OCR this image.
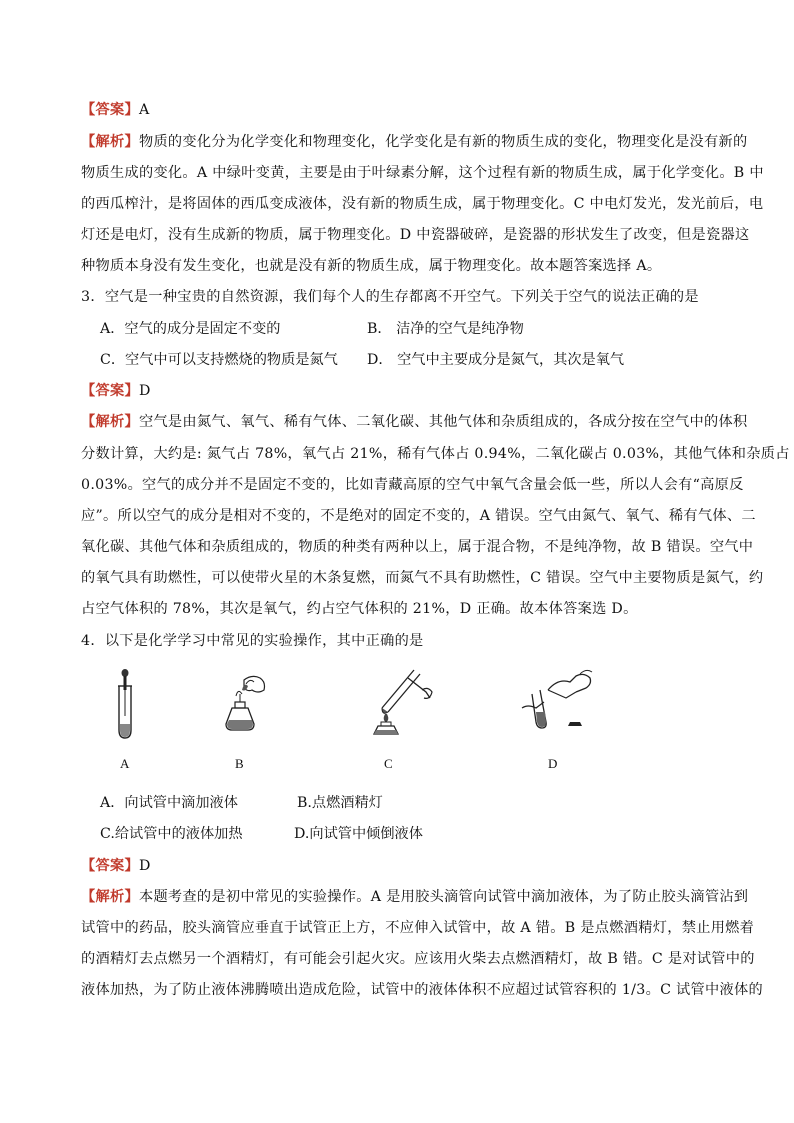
【答案】A
【解析】物质的变化分为化学变化和物理变化，化学变化是有新的物质生成的变化，物理变化是没有新的
物质生成的变化。A 中绿叶变黄，主要是由于叶绿素分解，这个过程有新的物质生成，属于化学变化。B 中
的西瓜榨汁，是将固体的西瓜变成液体，没有新的物质生成，属于物理变化。C 中电灯发光，发光前后，电
灯还是电灯，没有生成新的物质，属于物理变化。D 中瓷器破碎，是瓷器的形状发生了改变，但是瓷器这
种物质本身没有发生变化，也就是没有新的物质生成，属于物理变化。故本题答案选择 A。
3．空气是一种宝贵的自然资源，我们每个人的生存都离不开空气。下列关于空气的说法正确的是
A．空气的成分是固定不变的	B． 洁净的空气是纯净物
C．空气中可以支持燃烧的物质是氮气 D． 空气中主要成分是氮气，其次是氧气
【答案】D
【解析】空气是由氮气、氧气、稀有气体、二氧化碳、其他气体和杂质组成的，各成分按在空气中的体积
分数计算，大约是: 氮气占 78%，氧气占 21%，稀有气体占 0.94%，二氧化碳占 0.03%，其他气体和杂质占
0.03%。空气的成分并不是固定不变的，比如青藏高原的空气中氧气含量会低一些，所以人会有“高原反
应”。所以空气的成分是相对不变的，不是绝对的固定不变的，A 错误。空气由氮气、氧气、稀有气体、二
氧化碳、其他气体和杂质组成的，物质的种类有两种以上，属于混合物，不是纯净物，故 B 错误。空气中
的氧气具有助燃性，可以使带火星的木条复燃，而氮气不具有助燃性，C 错误。空气中主要物质是氮气，约
占空气体积的 78%，其次是氧气，约占空气体积的 21%，D 正确。故本体答案选 D。
4．以下是化学学习中常见的实验操作，其中正确的是
A	B	C	D
A．向试管中滴加液体	B.点燃酒精灯
C.给试管中的液体加热	D.向试管中倾倒液体
【答案】D
【解析】本题考查的是初中常见的实验操作。A 是用胶头滴管向试管中滴加液体，为了防止胶头滴管沾到
试管中的药品，胶头滴管应垂直于试管正上方，不应伸入试管中，故 A 错。B 是点燃酒精灯，禁止用燃着
的酒精灯去点燃另一个酒精灯，有可能会引起火灾。应该用火柴去点燃酒精灯，故 B 错。C 是对试管中的
液体加热，为了防止液体沸腾喷出造成危险，试管中的液体体积不应超过试管容积的 1/3。C 试管中液体的
